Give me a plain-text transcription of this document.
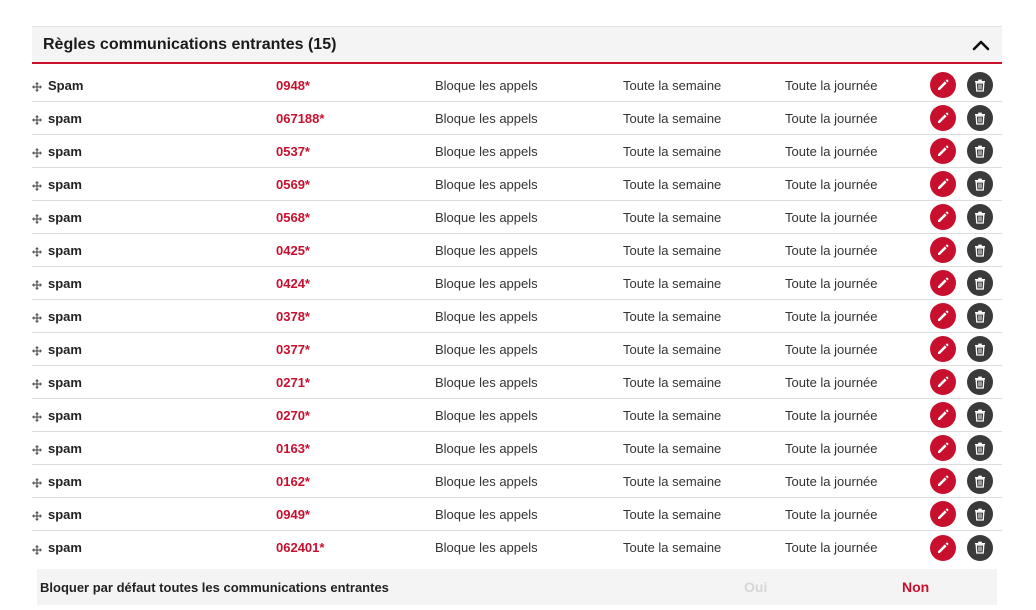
Règles communications entrantes (15)
Spam	0948*	Bloque les appels	Toute la semaine	Toute la journée
spam	067188*	Bloque les appels	Toute la semaine	Toute la journée
spam	0537*	Bloque les appels	Toute la semaine	Toute la journée
spam	0569*	Bloque les appels	Toute la semaine	Toute la journée
spam	0568*	Bloque les appels	Toute la semaine	Toute la journée
spam	0425*	Bloque les appels	Toute la semaine	Toute la journée
spam	0424*	Bloque les appels	Toute la semaine	Toute la journée
spam	0378*	Bloque les appels	Toute la semaine	Toute la journée
spam	0377*	Bloque les appels	Toute la semaine	Toute la journée
spam	0271*	Bloque les appels	Toute la semaine	Toute la journée
spam	0270*	Bloque les appels	Toute la semaine	Toute la journée
spam	0163*	Bloque les appels	Toute la semaine	Toute la journée
spam	0162*	Bloque les appels	Toute la semaine	Toute la journée
spam	0949*	Bloque les appels	Toute la semaine	Toute la journée
spam	062401*	Bloque les appels	Toute la semaine	Toute la journée
Bloquer par défaut toutes les communications entrantes	Oui	Non
